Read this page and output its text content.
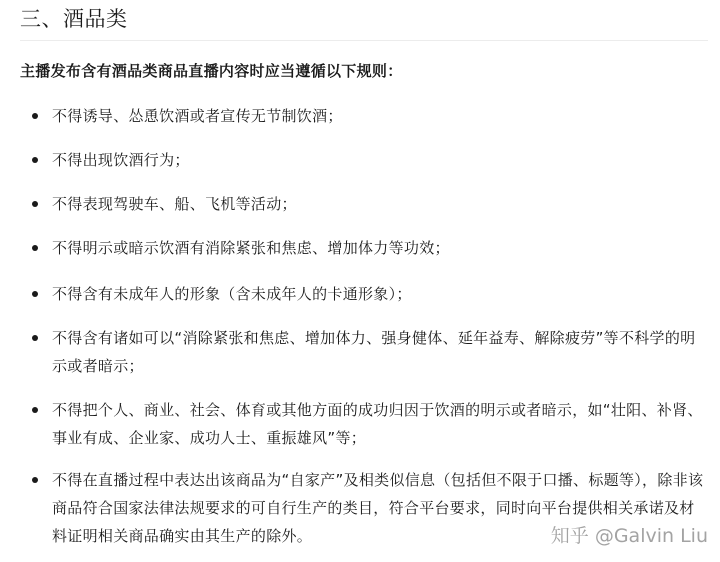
三、酒品类

主播发布含有酒品类商品直播内容时应当遵循以下规则：

不得诱导、怂恿饮酒或者宣传无节制饮酒；
不得出现饮酒行为；
不得表现驾驶车、船、飞机等活动；
不得明示或暗示饮酒有消除紧张和焦虑、增加体力等功效；
不得含有未成年人的形象（含未成年人的卡通形象）；
不得含有诸如可以“消除紧张和焦虑、增加体力、强身健体、延年益寿、解除疲劳”等不科学的明示或者暗示；
不得把个人、商业、社会、体育或其他方面的成功归因于饮酒的明示或者暗示，如“壮阳、补肾、事业有成、企业家、成功人士、重振雄风”等；
不得在直播过程中表达出该商品为“自家产”及相类似信息（包括但不限于口播、标题等），除非该商品符合国家法律法规要求的可自行生产的类目，符合平台要求，同时向平台提供相关承诺及材料证明相关商品确实由其生产的除外。	知乎 @Galvin Liu
